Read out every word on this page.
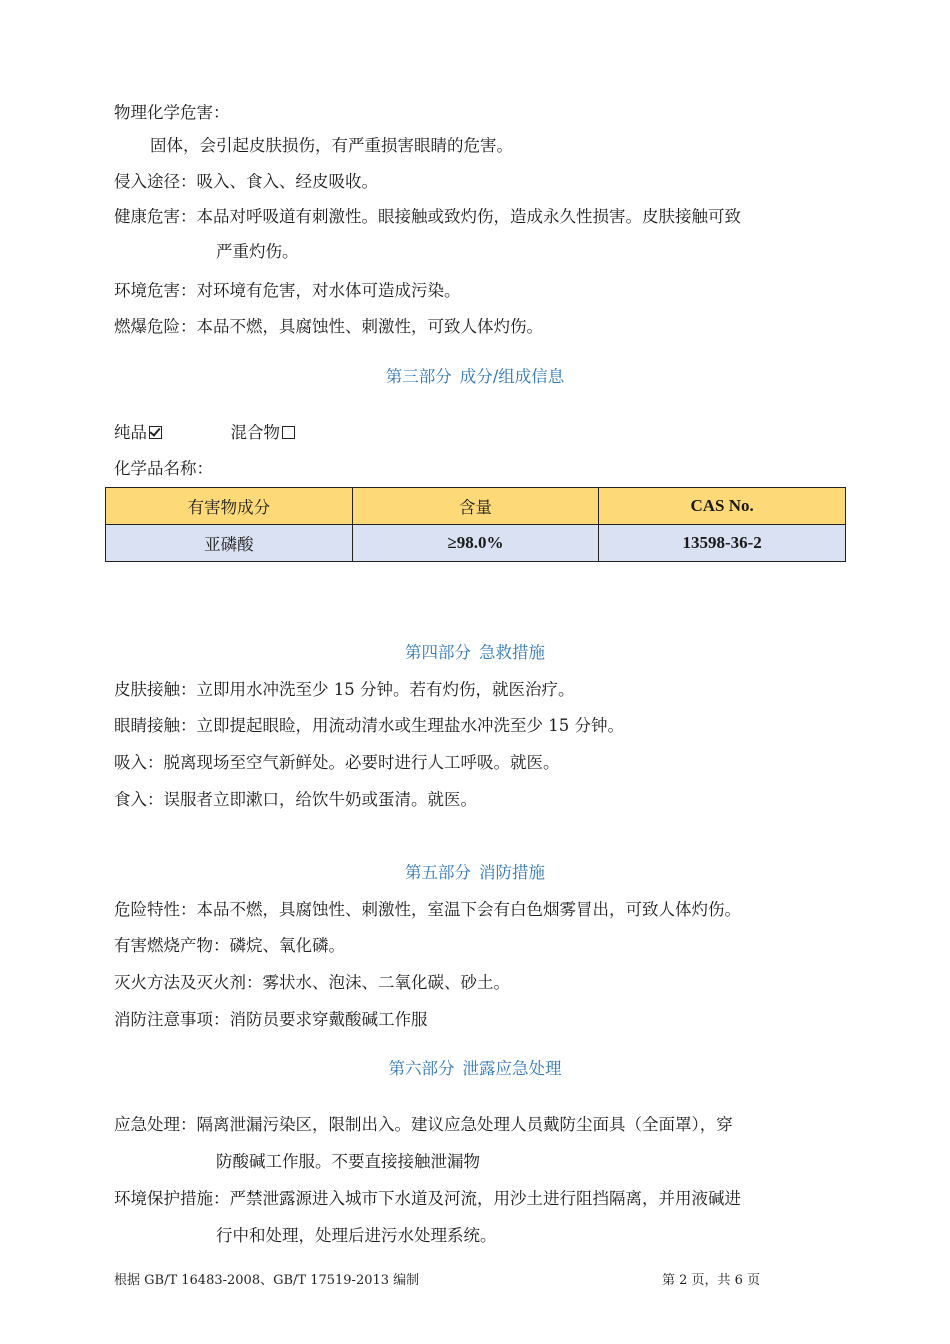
物理化学危害：
固体，会引起皮肤损伤，有严重损害眼睛的危害。
侵入途径：吸入、食入、经皮吸收。
健康危害：本品对呼吸道有刺激性。眼接触或致灼伤，造成永久性损害。皮肤接触可致
严重灼伤。
环境危害：对环境有危害，对水体可造成污染。
燃爆危险：本品不燃，具腐蚀性、刺激性，可致人体灼伤。
第三部分 成分/组成信息
纯品	混合物
化学品名称：
有害物成分	含量	CAS No.
亚磷酸	≥98.0%	13598-36-2
第四部分 急救措施
皮肤接触：立即用水冲洗至少 15 分钟。若有灼伤，就医治疗。
眼睛接触：立即提起眼睑，用流动清水或生理盐水冲洗至少 15 分钟。
吸入：脱离现场至空气新鲜处。必要时进行人工呼吸。就医。
食入：误服者立即漱口，给饮牛奶或蛋清。就医。
第五部分 消防措施
危险特性：本品不燃，具腐蚀性、刺激性，室温下会有白色烟雾冒出，可致人体灼伤。
有害燃烧产物：磷烷、氧化磷。
灭火方法及灭火剂：雾状水、泡沫、二氧化碳、砂土。
消防注意事项：消防员要求穿戴酸碱工作服
第六部分 泄露应急处理
应急处理：隔离泄漏污染区，限制出入。建议应急处理人员戴防尘面具（全面罩），穿
防酸碱工作服。不要直接接触泄漏物
环境保护措施：严禁泄露源进入城市下水道及河流，用沙土进行阻挡隔离，并用液碱进
行中和处理，处理后进污水处理系统。
根据 GB/T 16483-2008、GB/T 17519-2013 编制	第 2 页，共 6 页
